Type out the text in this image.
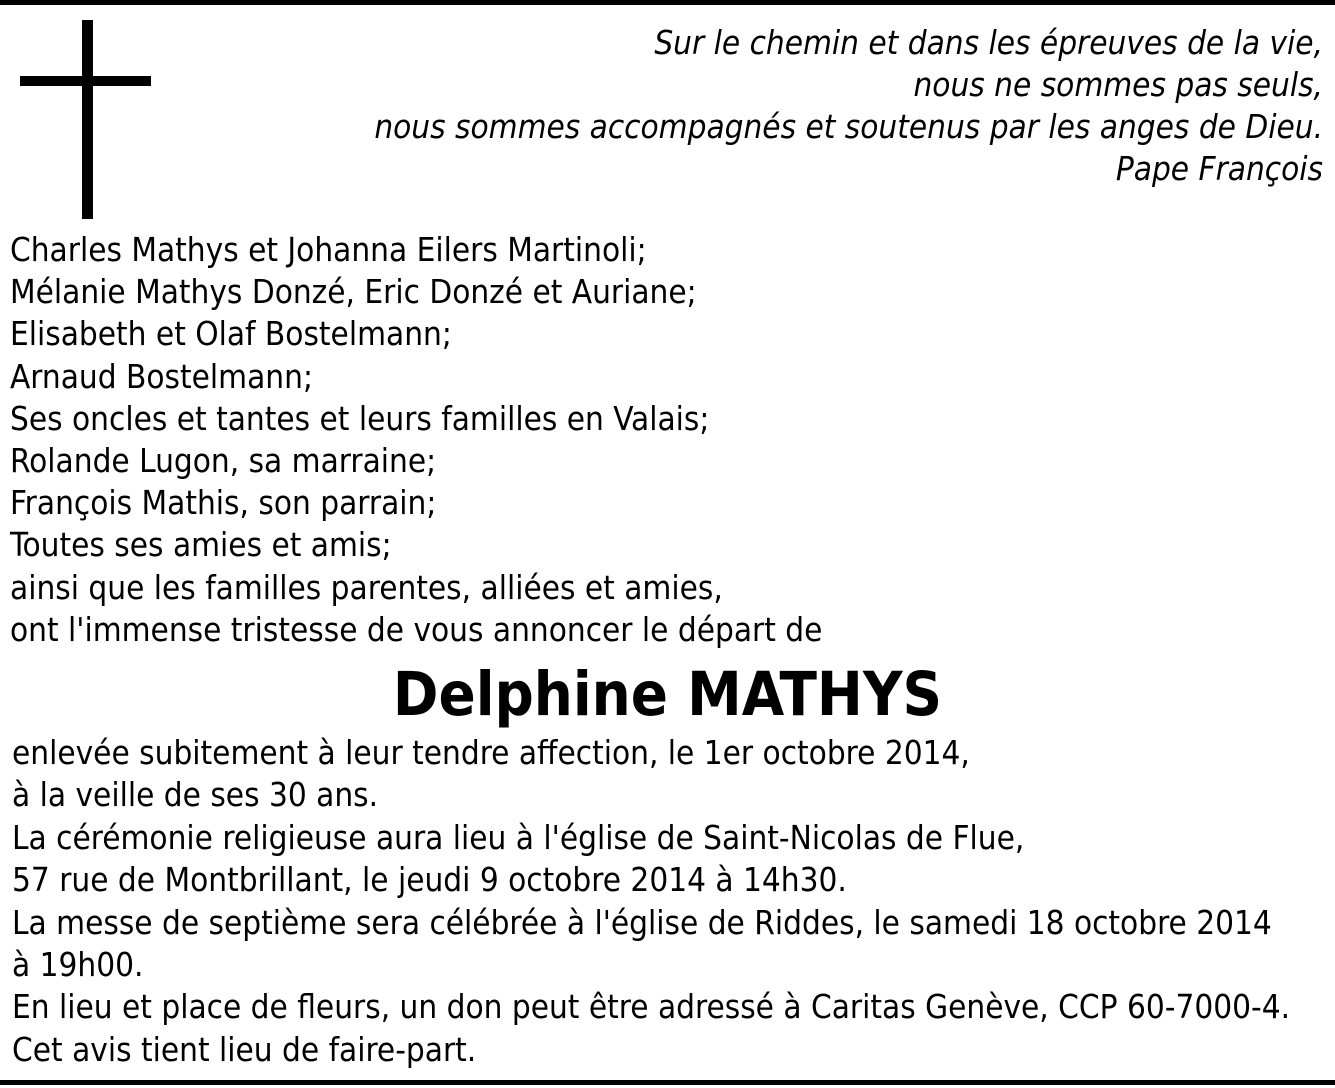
Sur le chemin et dans les épreuves de la vie,
nous ne sommes pas seuls,
nous sommes accompagnés et soutenus par les anges de Dieu.
Pape François
Charles Mathys et Johanna Eilers Martinoli;
Mélanie Mathys Donzé, Eric Donzé et Auriane;
Elisabeth et Olaf Bostelmann;
Arnaud Bostelmann;
Ses oncles et tantes et leurs familles en Valais;
Rolande Lugon, sa marraine;
François Mathis, son parrain;
Toutes ses amies et amis;
ainsi que les familles parentes, alliées et amies,
ont l'immense tristesse de vous annoncer le départ de
Delphine MATHYS
enlevée subitement à leur tendre affection, le 1er octobre 2014,
à la veille de ses 30 ans.
La cérémonie religieuse aura lieu à l'église de Saint-Nicolas de Flue,
57 rue de Montbrillant, le jeudi 9 octobre 2014 à 14h30.
La messe de septième sera célébrée à l'église de Riddes, le samedi 18 octobre 2014
à 19h00.
En lieu et place de fleurs, un don peut être adressé à Caritas Genève, CCP 60-7000-4.
Cet avis tient lieu de faire-part.
